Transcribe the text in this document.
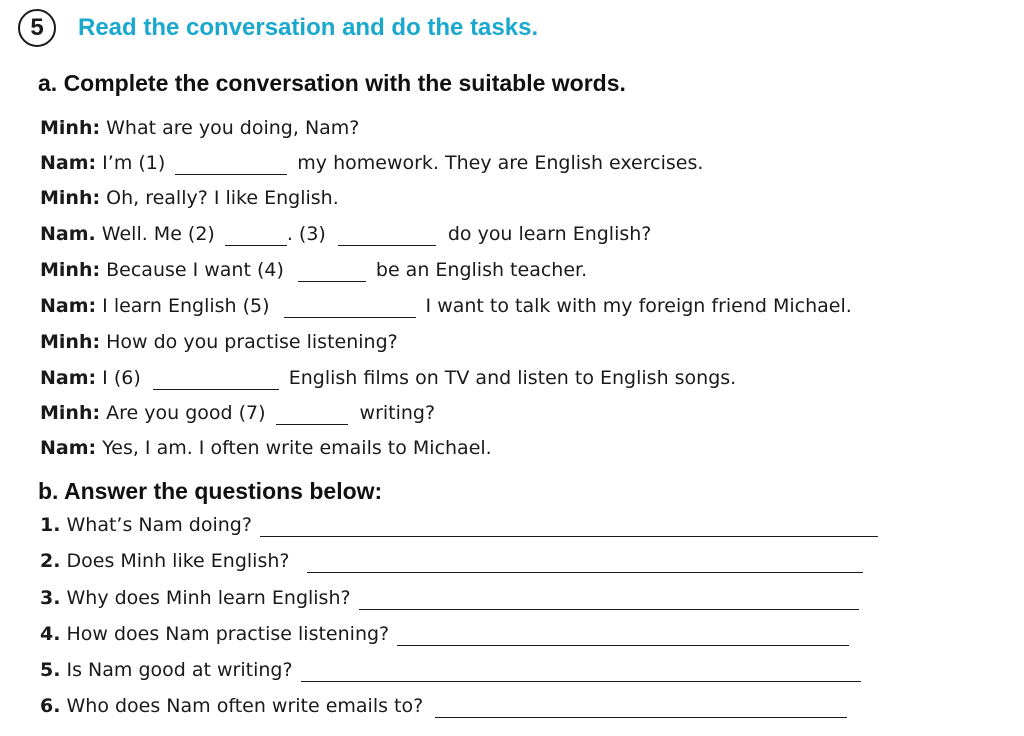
5	Read the conversation and do the tasks.
a. Complete the conversation with the suitable words.
Minh:
What are you doing, Nam?
Nam:
I’m (1)	my homework. They are English exercises.
Minh:
Oh, really? I like English.
Nam.
Well. Me (2)	. (3)	do you learn English?
Minh:
Because I want (4)	be an English teacher.
Nam:
I learn English (5)	I want to talk with my foreign friend Michael.
Minh:
How do you practise listening?
Nam:
I (6)	English films on TV and listen to English songs.
Minh:
Are you good (7)	writing?
Nam:
Yes, I am. I often write emails to Michael.
b. Answer the questions below:
1.
What’s Nam doing?
2.
Does Minh like English?
3.
Why does Minh learn English?
4.
How does Nam practise listening?
5.
Is Nam good at writing?
6.
Who does Nam often write emails to?
